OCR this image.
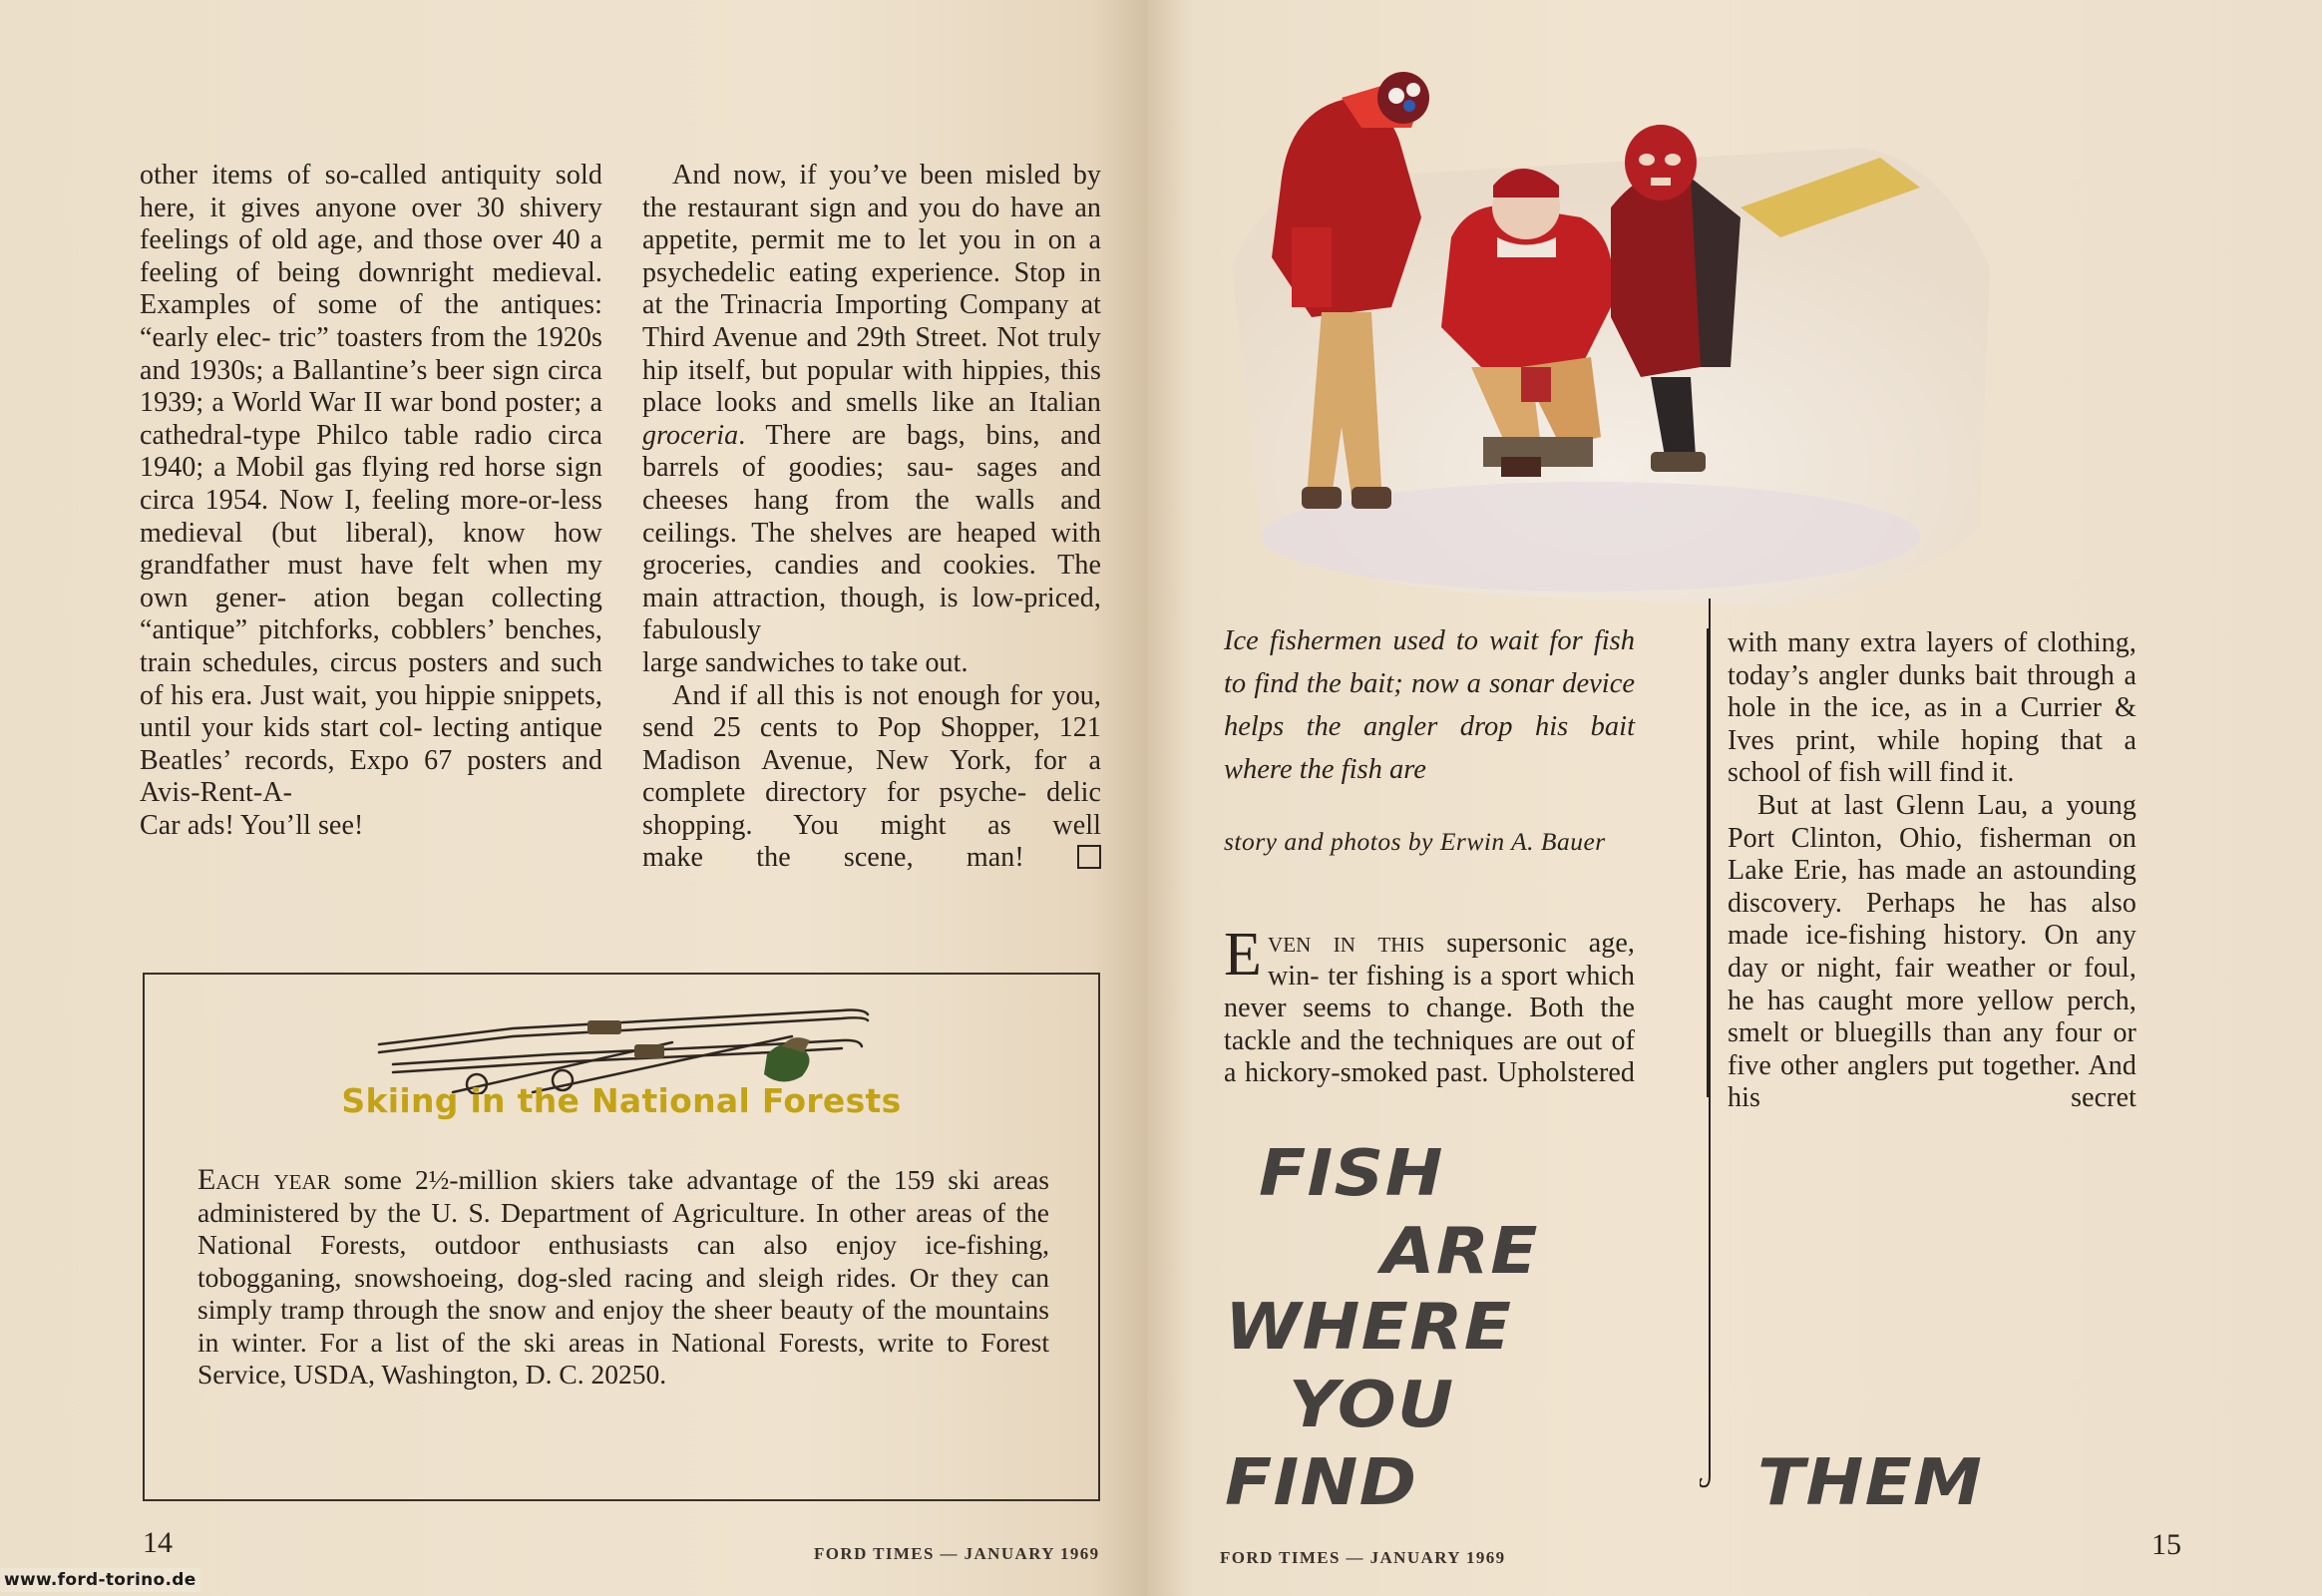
other items of so-called antiquity sold here, it gives anyone over 30 shivery feelings of old age, and those over 40 a feeling of being downright medieval. Examples of some of the antiques: “early elec- tric” toasters from the 1920s and 1930s; a Ballantine’s beer sign circa 1939; a World War II war bond poster; a cathedral-type Philco table radio circa 1940; a Mobil gas flying red horse sign circa 1954. Now I, feeling more-or-less medieval (but liberal), know how grandfather must have felt when my own gener- ation began collecting “antique” pitchforks, cobblers’ benches, train schedules, circus posters and such of his era. Just wait, you hippie snippets, until your kids start col- lecting antique Beatles’ records, Expo 67 posters and Avis-Rent-A-

Car ads! You’ll see!

And now, if you’ve been misled by the restaurant sign and you do have an appetite, permit me to let you in on a psychedelic eating experience. Stop in at the Trinacria Importing Company at Third Avenue and 29th Street. Not truly hip itself, but popular with hippies, this place looks and smells like an Italian groceria. There are bags, bins, and barrels of goodies; sau- sages and cheeses hang from the walls and ceilings. The shelves are heaped with groceries, candies and cookies. The main attraction, though, is low-priced, fabulously

large sandwiches to take out.

And if all this is not enough for you, send 25 cents to Pop Shopper, 121 Madison Avenue, New York, for a complete directory for psyche- delic shopping. You might as well

make the scene, man!

Skiing in the National Forests
Each year some 2½-million skiers take advantage of the 159 ski areas administered by the U. S. Department of Agriculture. In other areas of the National Forests, outdoor enthusiasts can also enjoy ice-fishing, tobogganing, snowshoeing, dog-sled racing and sleigh rides. Or they can simply tramp through the snow and enjoy the sheer beauty of the mountains in winter. For a list of the ski areas in National Forests, write to Forest Service, USDA, Washington, D. C. 20250.
14	FORD TIMES — JANUARY 1969
www.ford-torino.de
Ice fishermen used to wait for fish
to find the bait; now a sonar device
helps the angler drop his bait
where the fish are
story and photos by Erwin A. Bauer

Even in this supersonic age, win- ter fishing is a sport which never seems to change. Both the tackle and the techniques are out of a hickory-smoked past. Upholstered

with many extra layers of clothing, today’s angler dunks bait through a hole in the ice, as in a Currier & Ives print, while hoping that a

school of fish will find it.

But at last Glenn Lau, a young Port Clinton, Ohio, fisherman on Lake Erie, has made an astounding discovery. Perhaps he has also made ice-fishing history. On any day or night, fair weather or foul, he has caught more yellow perch, smelt or bluegills than any four or five other anglers put together. And his secret

FISH
ARE
WHERE
YOU
FIND	THEM
FORD TIMES — JANUARY 1969	15
